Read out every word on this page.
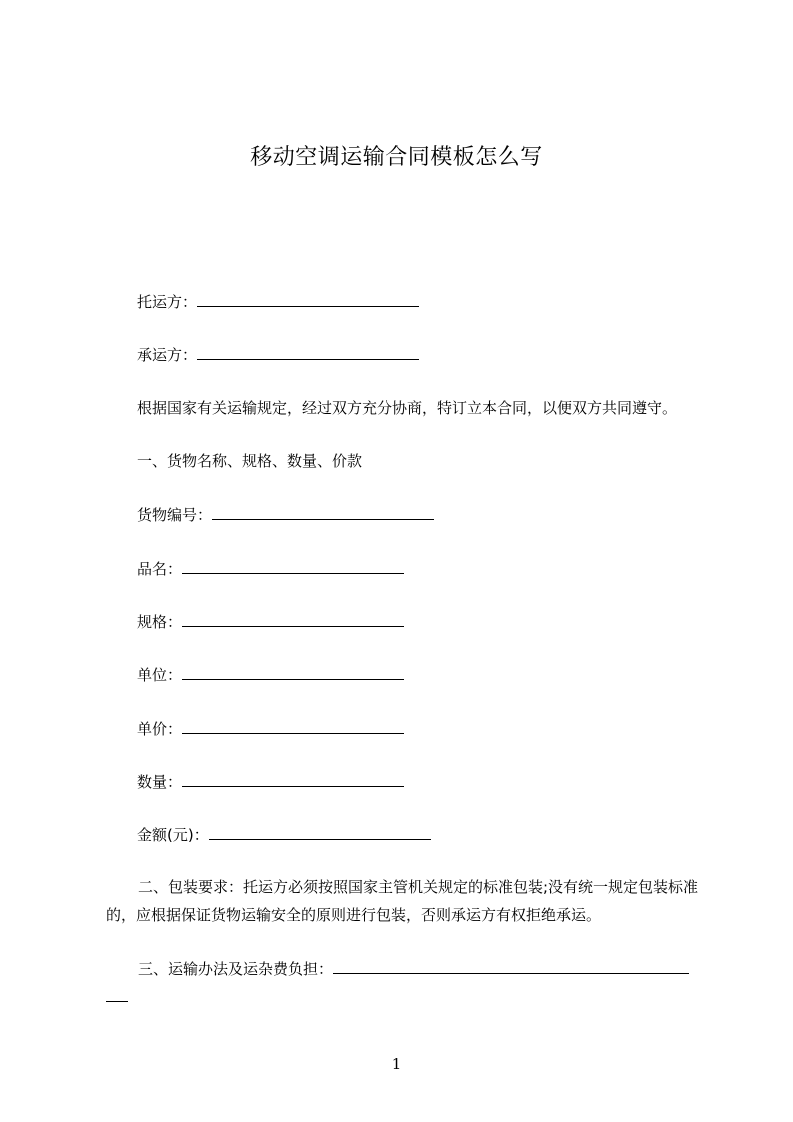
移动空调运输合同模板怎么写
托运方：
承运方：
根据国家有关运输规定，经过双方充分协商，特订立本合同，以便双方共同遵守。
一、货物名称、规格、数量、价款
货物编号：
品名：
规格：
单位：
单价：
数量：
金额(元)：
二、包装要求：托运方必须按照国家主管机关规定的标准包装;没有统一规定包装标准的，应根据保证货物运输安全的原则进行包装，否则承运方有权拒绝承运。
三、运输办法及运杂费负担：

1
